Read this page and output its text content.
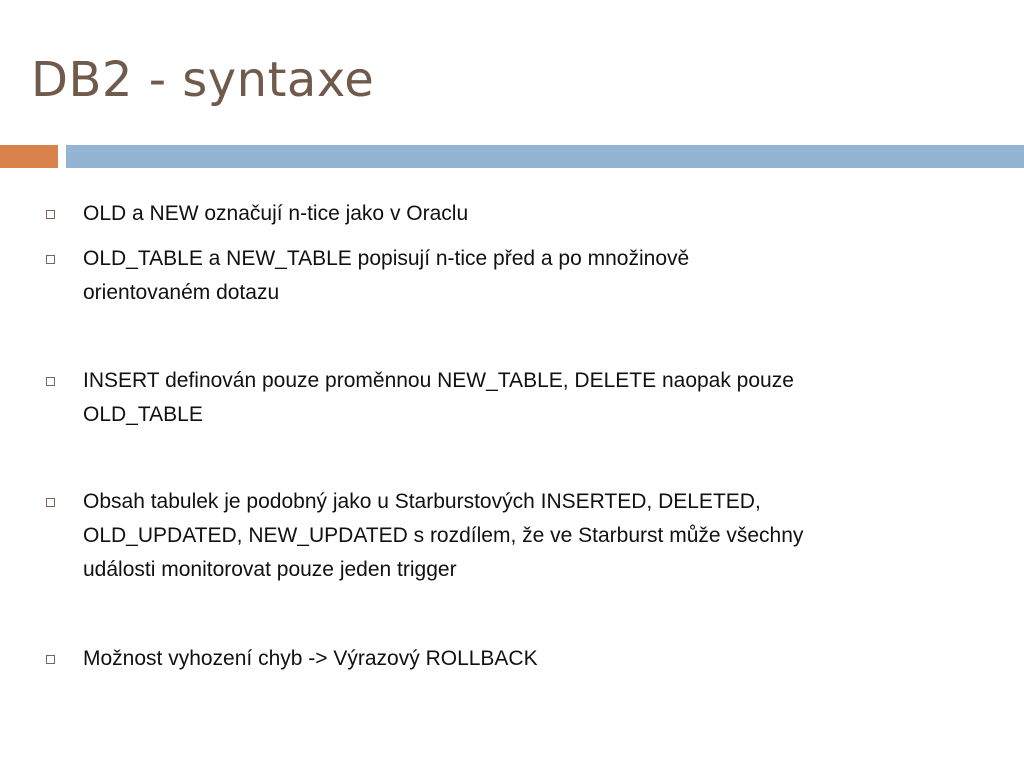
DB2 - syntaxe
OLD a NEW označují n-tice jako v Oraclu
OLD_TABLE a NEW_TABLE popisují n-tice před a po množinově
orientovaném dotazu
INSERT definován pouze proměnnou NEW_TABLE, DELETE naopak pouze
OLD_TABLE
Obsah tabulek je podobný jako u Starburstových INSERTED, DELETED,
OLD_UPDATED, NEW_UPDATED s rozdílem, že ve Starburst může všechny
události monitorovat pouze jeden trigger
Možnost vyhození chyb -> Výrazový ROLLBACK
